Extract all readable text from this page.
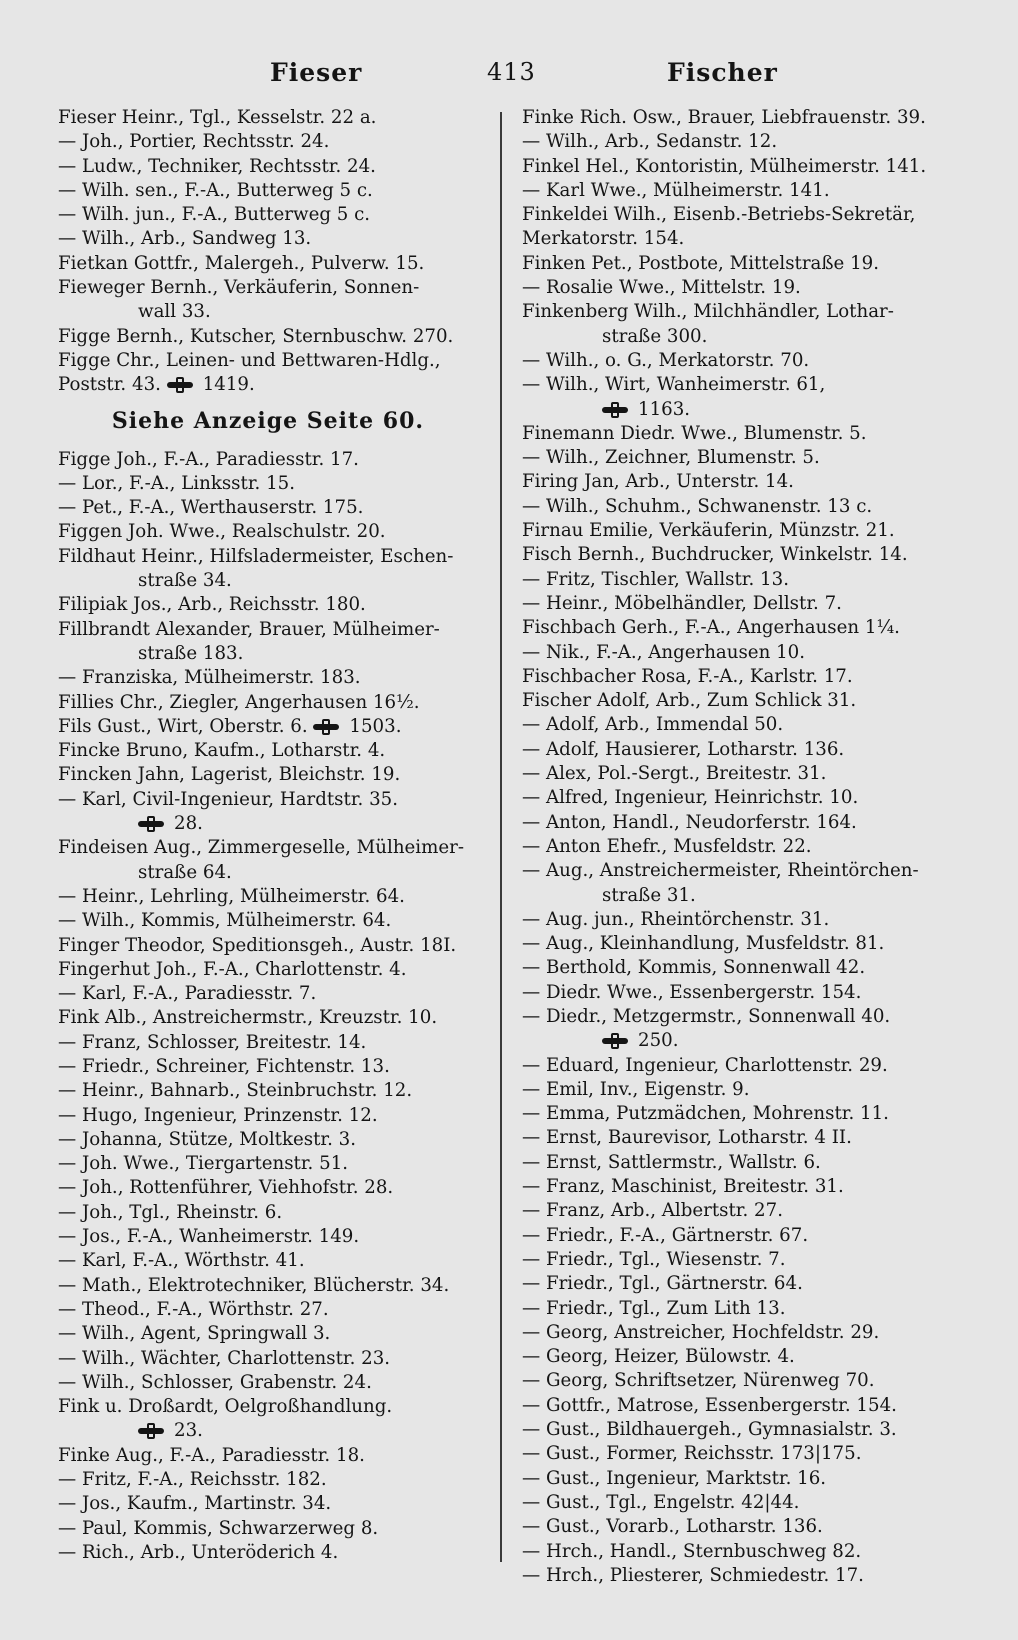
Fieser	413	Fischer
Fieser Heinr., Tgl., Kesselstr. 22 a.
— Joh., Portier, Rechtsstr. 24.
— Ludw., Techniker, Rechtsstr. 24.
— Wilh. sen., F.-A., Butterweg 5 c.
— Wilh. jun., F.-A., Butterweg 5 c.
— Wilh., Arb., Sandweg 13.
Fietkan Gottfr., Malergeh., Pulverw. 15.
Fieweger Bernh., Verkäuferin, Sonnen-
wall 33.
Figge Bernh., Kutscher, Sternbuschw. 270.
Figge Chr., Leinen- und Bettwaren-Hdlg.,
Poststr. 43. 1419.
Siehe Anzeige Seite 60.
Figge Joh., F.-A., Paradiesstr. 17.
— Lor., F.-A., Linksstr. 15.
— Pet., F.-A., Werthauserstr. 175.
Figgen Joh. Wwe., Realschulstr. 20.
Fildhaut Heinr., Hilfsladermeister, Eschen-
straße 34.
Filipiak Jos., Arb., Reichsstr. 180.
Fillbrandt Alexander, Brauer, Mülheimer-
straße 183.
— Franziska, Mülheimerstr. 183.
Fillies Chr., Ziegler, Angerhausen 16½.
Fils Gust., Wirt, Oberstr. 6. 1503.
Fincke Bruno, Kaufm., Lotharstr. 4.
Fincken Jahn, Lagerist, Bleichstr. 19.
— Karl, Civil-Ingenieur, Hardtstr. 35.
28.
Findeisen Aug., Zimmergeselle, Mülheimer-
straße 64.
— Heinr., Lehrling, Mülheimerstr. 64.
— Wilh., Kommis, Mülheimerstr. 64.
Finger Theodor, Speditionsgeh., Austr. 18I.
Fingerhut Joh., F.-A., Charlottenstr. 4.
— Karl, F.-A., Paradiesstr. 7.
Fink Alb., Anstreichermstr., Kreuzstr. 10.
— Franz, Schlosser, Breitestr. 14.
— Friedr., Schreiner, Fichtenstr. 13.
— Heinr., Bahnarb., Steinbruchstr. 12.
— Hugo, Ingenieur, Prinzenstr. 12.
— Johanna, Stütze, Moltkestr. 3.
— Joh. Wwe., Tiergartenstr. 51.
— Joh., Rottenführer, Viehhofstr. 28.
— Joh., Tgl., Rheinstr. 6.
— Jos., F.-A., Wanheimerstr. 149.
— Karl, F.-A., Wörthstr. 41.
— Math., Elektrotechniker, Blücherstr. 34.
— Theod., F.-A., Wörthstr. 27.
— Wilh., Agent, Springwall 3.
— Wilh., Wächter, Charlottenstr. 23.
— Wilh., Schlosser, Grabenstr. 24.
Fink u. Droßardt, Oelgroßhandlung.
23.
Finke Aug., F.-A., Paradiesstr. 18.
— Fritz, F.-A., Reichsstr. 182.
— Jos., Kaufm., Martinstr. 34.
— Paul, Kommis, Schwarzerweg 8.
— Rich., Arb., Unteröderich 4.
Finke Rich. Osw., Brauer, Liebfrauenstr. 39.
— Wilh., Arb., Sedanstr. 12.
Finkel Hel., Kontoristin, Mülheimerstr. 141.
— Karl Wwe., Mülheimerstr. 141.
Finkeldei Wilh., Eisenb.-Betriebs-Sekretär,
Merkatorstr. 154.
Finken Pet., Postbote, Mittelstraße 19.
— Rosalie Wwe., Mittelstr. 19.
Finkenberg Wilh., Milchhändler, Lothar-
straße 300.
— Wilh., o. G., Merkatorstr. 70.
— Wilh., Wirt, Wanheimerstr. 61,
1163.
Finemann Diedr. Wwe., Blumenstr. 5.
— Wilh., Zeichner, Blumenstr. 5.
Firing Jan, Arb., Unterstr. 14.
— Wilh., Schuhm., Schwanenstr. 13 c.
Firnau Emilie, Verkäuferin, Münzstr. 21.
Fisch Bernh., Buchdrucker, Winkelstr. 14.
— Fritz, Tischler, Wallstr. 13.
— Heinr., Möbelhändler, Dellstr. 7.
Fischbach Gerh., F.-A., Angerhausen 1¼.
— Nik., F.-A., Angerhausen 10.
Fischbacher Rosa, F.-A., Karlstr. 17.
Fischer Adolf, Arb., Zum Schlick 31.
— Adolf, Arb., Immendal 50.
— Adolf, Hausierer, Lotharstr. 136.
— Alex, Pol.-Sergt., Breitestr. 31.
— Alfred, Ingenieur, Heinrichstr. 10.
— Anton, Handl., Neudorferstr. 164.
— Anton Ehefr., Musfeldstr. 22.
— Aug., Anstreichermeister, Rheintörchen-
straße 31.
— Aug. jun., Rheintörchenstr. 31.
— Aug., Kleinhandlung, Musfeldstr. 81.
— Berthold, Kommis, Sonnenwall 42.
— Diedr. Wwe., Essenbergerstr. 154.
— Diedr., Metzgermstr., Sonnenwall 40.
250.
— Eduard, Ingenieur, Charlottenstr. 29.
— Emil, Inv., Eigenstr. 9.
— Emma, Putzmädchen, Mohrenstr. 11.
— Ernst, Baurevisor, Lotharstr. 4 II.
— Ernst, Sattlermstr., Wallstr. 6.
— Franz, Maschinist, Breitestr. 31.
— Franz, Arb., Albertstr. 27.
— Friedr., F.-A., Gärtnerstr. 67.
— Friedr., Tgl., Wiesenstr. 7.
— Friedr., Tgl., Gärtnerstr. 64.
— Friedr., Tgl., Zum Lith 13.
— Georg, Anstreicher, Hochfeldstr. 29.
— Georg, Heizer, Bülowstr. 4.
— Georg, Schriftsetzer, Nürenweg 70.
— Gottfr., Matrose, Essenbergerstr. 154.
— Gust., Bildhauergeh., Gymnasialstr. 3.
— Gust., Former, Reichsstr. 173|175.
— Gust., Ingenieur, Marktstr. 16.
— Gust., Tgl., Engelstr. 42|44.
— Gust., Vorarb., Lotharstr. 136.
— Hrch., Handl., Sternbuschweg 82.
— Hrch., Pliesterer, Schmiedestr. 17.
